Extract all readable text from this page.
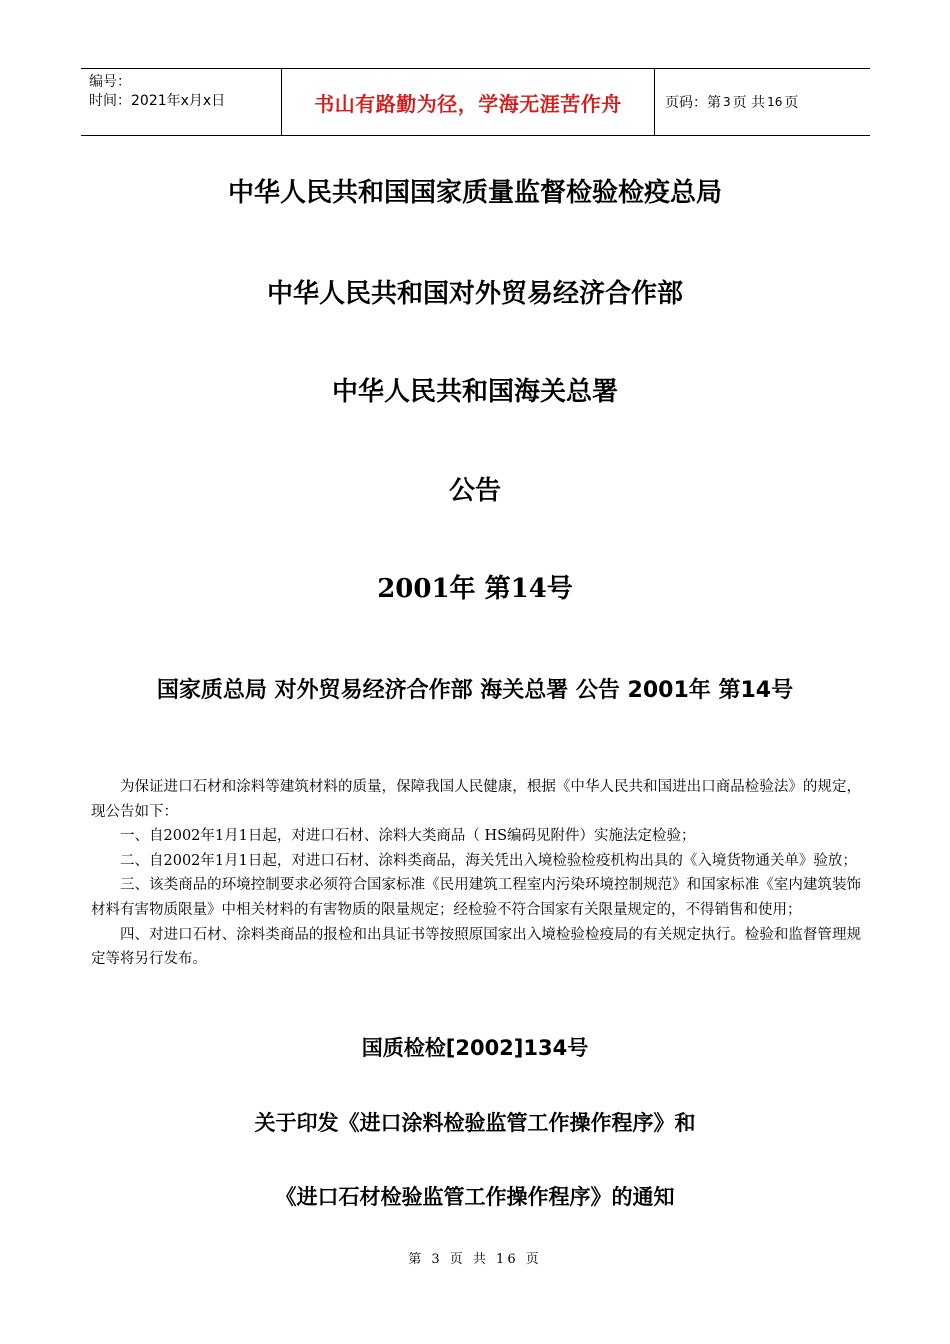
编号：
时间：2021年x月x日	书山有路勤为径，学海无涯苦作舟	页码：第 3 页 共 16 页
中华人民共和国国家质量监督检验检疫总局
中华人民共和国对外贸易经济合作部
中华人民共和国海关总署
公告
2001年 第14号
国家质总局 对外贸易经济合作部 海关总署 公告 2001年 第14号

为保证进口石材和涂料等建筑材料的质量，保障我国人民健康，根据《中华人民共和国进出口商品检验法》的规定，现公告如下：

一、自2002年1月1日起，对进口石材、涂料大类商品（ HS编码见附件）实施法定检验；

二、自2002年1月1日起，对进口石材、涂料类商品，海关凭出入境检验检疫机构出具的《入境货物通关单》验放；

三、该类商品的环境控制要求必须符合国家标准《民用建筑工程室内污染环境控制规范》和国家标准《室内建筑装饰材料有害物质限量》中相关材料的有害物质的限量规定；经检验不符合国家有关限量规定的，不得销售和使用；

四、对进口石材、涂料类商品的报检和出具证书等按照原国家出入境检验检疫局的有关规定执行。检验和监督管理规定等将另行发布。

国质检检[2002]134号
关于印发《进口涂料检验监管工作操作程序》和
《进口石材检验监管工作操作程序》的通知
第 3 页 共 16 页
